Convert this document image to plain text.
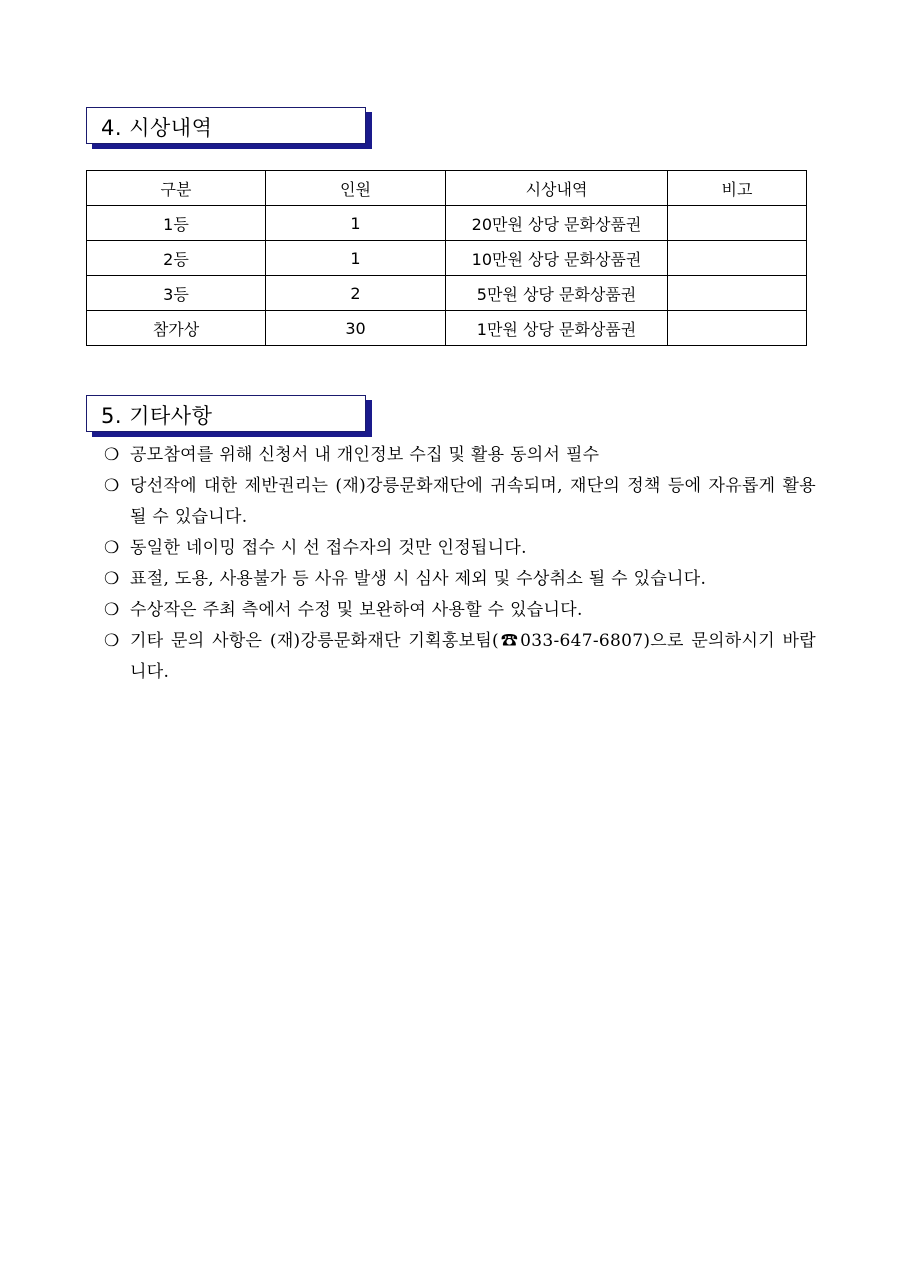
4. 시상내역
구분	인원	시상내역	비고
1등	1	20만원 상당 문화상품권	
2등	1	10만원 상당 문화상품권	
3등	2	5만원 상당 문화상품권	
참가상	30	1만원 상당 문화상품권	
5. 기타사항
❍ 공모참여를 위해 신청서 내 개인정보 수집 및 활용 동의서 필수
❍ 당선작에 대한 제반권리는 (재)강릉문화재단에 귀속되며, 재단의 정책 등에 자유롭게 활용될 수 있습니다.
❍ 동일한 네이밍 접수 시 선 접수자의 것만 인정됩니다.
❍ 표절, 도용, 사용불가 등 사유 발생 시 심사 제외 및 수상취소 될 수 있습니다.
❍ 수상작은 주최 측에서 수정 및 보완하여 사용할 수 있습니다.
❍ 기타 문의 사항은 (재)강릉문화재단 기획홍보팀(☎033-647-6807)으로 문의하시기 바랍니다.
